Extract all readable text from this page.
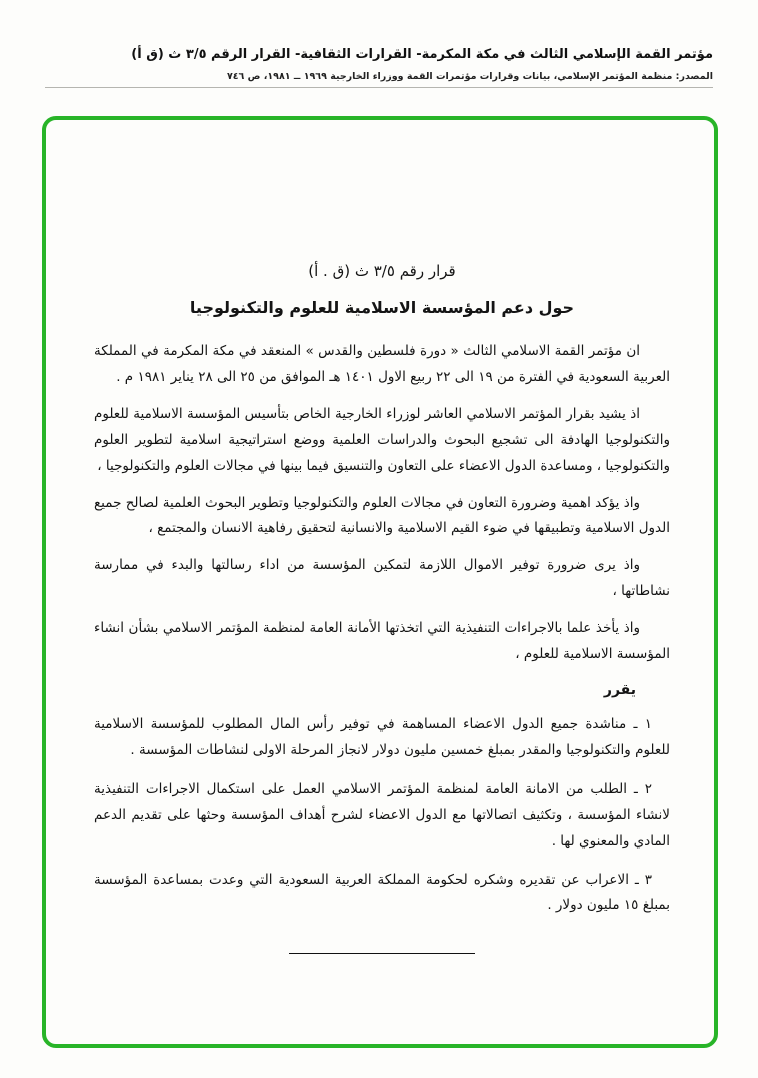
مؤتمر القمة الإسلامي الثالث في مكة المكرمة- القرارات الثقافية- القرار الرقم ٣/٥ ث (ق أ)
المصدر: منظمة المؤتمر الإسلامي، بيانات وقرارات مؤتمرات القمة ووزراء الخارجية ١٩٦٩ ــ ١٩٨١، ص ٧٤٦
قرار رقم ٣/٥ ث (ق . أ)
حول دعم المؤسسة الاسلامية للعلوم والتكنولوجيا

ان مؤتمر القمة الاسلامي الثالث « دورة فلسطين والقدس » المنعقد في مكة المكرمة في المملكة العربية السعودية في الفترة من ١٩ الى ٢٢ ربيع الاول ١٤٠١ هـ الموافق من ٢٥ الى ٢٨ يناير ١٩٨١ م .

اذ يشيد بقرار المؤتمر الاسلامي العاشر لوزراء الخارجية الخاص بتأسيس المؤسسة الاسلامية للعلوم والتكنولوجيا الهادفة الى تشجيع البحوث والدراسات العلمية ووضع استراتيجية اسلامية لتطوير العلوم والتكنولوجيا ، ومساعدة الدول الاعضاء على التعاون والتنسيق فيما بينها في مجالات العلوم والتكنولوجيا ،

واذ يؤكد اهمية وضرورة التعاون في مجالات العلوم والتكنولوجيا وتطوير البحوث العلمية لصالح جميع الدول الاسلامية وتطبيقها في ضوء القيم الاسلامية والانسانية لتحقيق رفاهية الانسان والمجتمع ،

واذ يرى ضرورة توفير الاموال اللازمة لتمكين المؤسسة من اداء رسالتها والبدء في ممارسة نشاطاتها ،

واذ يأخذ علما بالاجراءات التنفيذية التي اتخذتها الأمانة العامة لمنظمة المؤتمر الاسلامي بشأن انشاء المؤسسة الاسلامية للعلوم ،

يقرر

١ ـ مناشدة جميع الدول الاعضاء المساهمة في توفير رأس المال المطلوب للمؤسسة الاسلامية للعلوم والتكنولوجيا والمقدر بمبلغ خمسين مليون دولار لانجاز المرحلة الاولى لنشاطات المؤسسة .

٢ ـ الطلب من الامانة العامة لمنظمة المؤتمر الاسلامي العمل على استكمال الاجراءات التنفيذية لانشاء المؤسسة ، وتكثيف اتصالاتها مع الدول الاعضاء لشرح أهداف المؤسسة وحثها على تقديم الدعم المادي والمعنوي لها .

٣ ـ الاعراب عن تقديره وشكره لحكومة المملكة العربية السعودية التي وعدت بمساعدة المؤسسة بمبلغ ١٥ مليون دولار .
